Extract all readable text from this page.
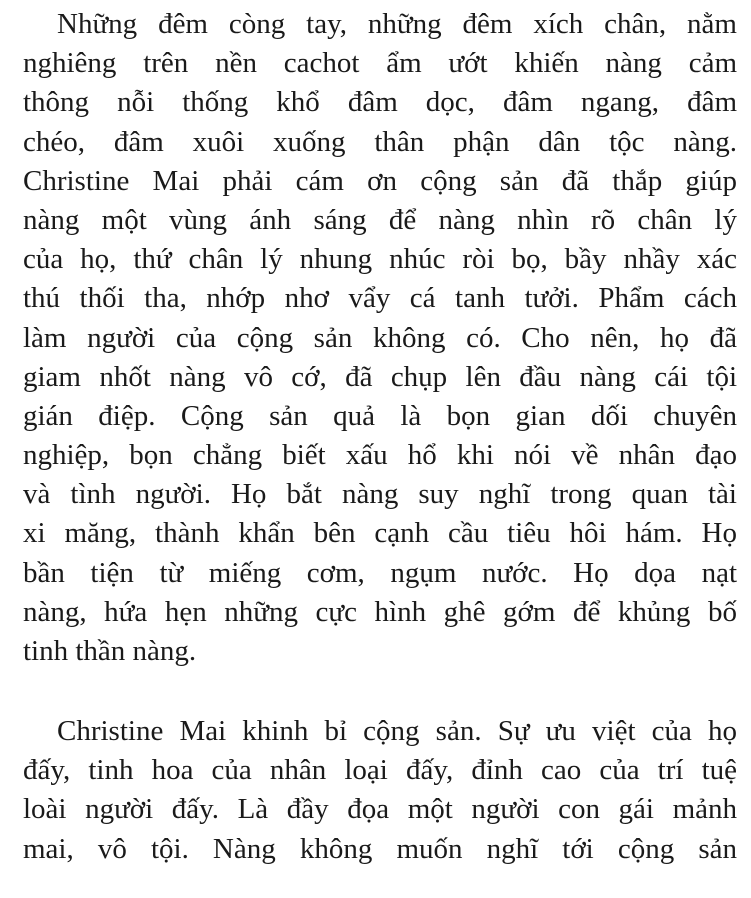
Những đêm còng tay, những đêm xích chân, nằm
nghiêng trên nền cachot ẩm ướt khiến nàng cảm
thông nỗi thống khổ đâm dọc, đâm ngang, đâm
chéo, đâm xuôi xuống thân phận dân tộc nàng.
Christine Mai phải cám ơn cộng sản đã thắp giúp
nàng một vùng ánh sáng để nàng nhìn rõ chân lý
của họ, thứ chân lý nhung nhúc ròi bọ, bầy nhầy xác
thú thối tha, nhớp nhơ vẩy cá tanh tưởi. Phẩm cách
làm người của cộng sản không có. Cho nên, họ đã
giam nhốt nàng vô cớ, đã chụp lên đầu nàng cái tội
gián điệp. Cộng sản quả là bọn gian dối chuyên
nghiệp, bọn chẳng biết xấu hổ khi nói về nhân đạo
và tình người. Họ bắt nàng suy nghĩ trong quan tài
xi măng, thành khẩn bên cạnh cầu tiêu hôi hám. Họ
bần tiện từ miếng cơm, ngụm nước. Họ dọa nạt
nàng, hứa hẹn những cực hình ghê gớm để khủng bố
tinh thần nàng.
Christine Mai khinh bỉ cộng sản. Sự ưu việt của họ
đấy, tinh hoa của nhân loại đấy, đỉnh cao của trí tuệ
loài người đấy. Là đầy đọa một người con gái mảnh
mai, vô tội. Nàng không muốn nghĩ tới cộng sản
